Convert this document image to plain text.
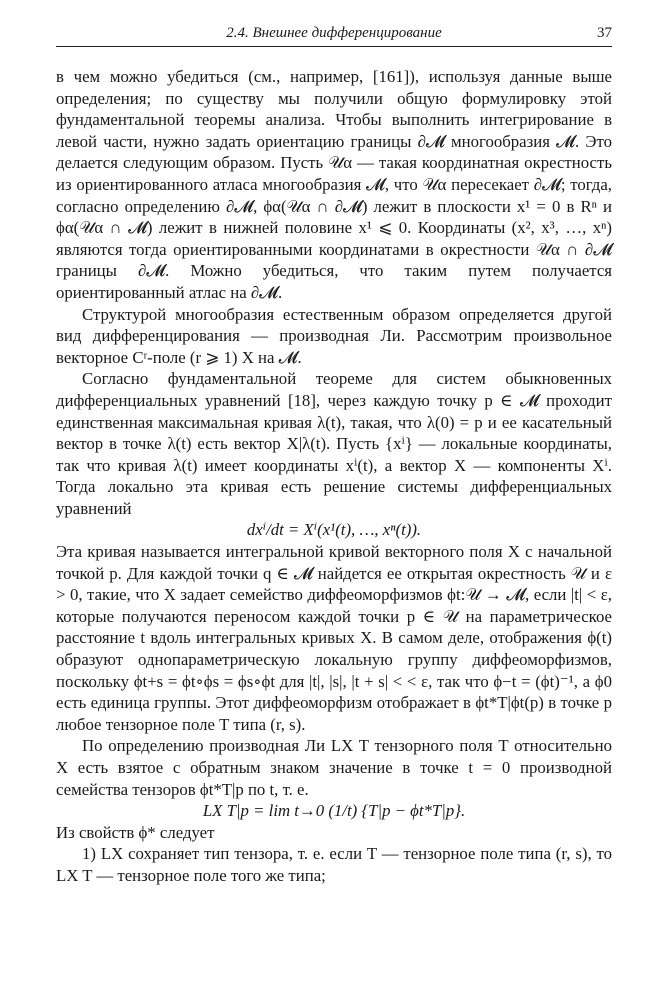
2.4. Внешнее дифференцирование	37

в чем можно убедиться (см., например, [161]), используя данные выше определения; по существу мы получили общую формулировку этой фундаментальной теоремы анализа. Чтобы выполнить интегрирование в левой части, нужно задать ориентацию границы ∂𝓜 многообразия 𝓜. Это делается следующим образом. Пусть 𝒰α — такая координатная окрестность из ориентированного атласа многообразия 𝓜, что 𝒰α пересекает ∂𝓜; тогда, согласно определению ∂𝓜, ϕα(𝒰α ∩ ∂𝓜) лежит в плоскости x¹ = 0 в Rⁿ и ϕα(𝒰α ∩ 𝓜) лежит в нижней половине x¹ ⩽ 0. Координаты (x², x³, …, xⁿ) являются тогда ориентированными координатами в окрестности 𝒰α ∩ ∂𝓜 границы ∂𝓜. Можно убедиться, что таким путем получается ориентированный атлас на ∂𝓜.

Структурой многообразия естественным образом определяется другой вид дифференцирования — производная Ли. Рассмотрим произвольное векторное Cʳ-поле (r ⩾ 1) X на 𝓜.

Согласно фундаментальной теореме для систем обыкновенных дифференциальных уравнений [18], через каждую точку p ∈ 𝓜 проходит единственная максимальная кривая λ(t), такая, что λ(0) = p и ее касательный вектор в точке λ(t) есть вектор X|λ(t). Пусть {xⁱ} — локальные координаты, так что кривая λ(t) имеет координаты xⁱ(t), а вектор X — компоненты Xⁱ. Тогда локально эта кривая есть решение системы дифференциальных уравнений

dxⁱ/dt = Xⁱ(x¹(t), …, xⁿ(t)).

Эта кривая называется интегральной кривой векторного поля X с начальной точкой p. Для каждой точки q ∈ 𝓜 найдется ее открытая окрестность 𝒰 и ε > 0, такие, что X задает семейство диффеоморфизмов ϕt:𝒰 → 𝓜, если |t| < ε, которые получаются переносом каждой точки p ∈ 𝒰 на параметрическое расстояние t вдоль интегральных кривых X. В самом деле, отображения ϕ(t) образуют однопараметрическую локальную группу диффеоморфизмов, поскольку ϕt+s = ϕt∘ϕs = ϕs∘ϕt для |t|, |s|, |t + s| < < ε, так что ϕ−t = (ϕt)⁻¹, а ϕ0 есть единица группы. Этот диффеоморфизм отображает в ϕt*T|ϕt(p) в точке p любое тензорное поле T типа (r, s).

По определению производная Ли LX T тензорного поля T относительно X есть взятое с обратным знаком значение в точке t = 0 производной семейства тензоров ϕt*T|p по t, т. е.

LX T|p = lim t→0 (1/t) {T|p − ϕt*T|p}.

Из свойств ϕ* следует

1) LX сохраняет тип тензора, т. е. если T — тензорное поле типа (r, s), то LX T — тензорное поле того же типа;
